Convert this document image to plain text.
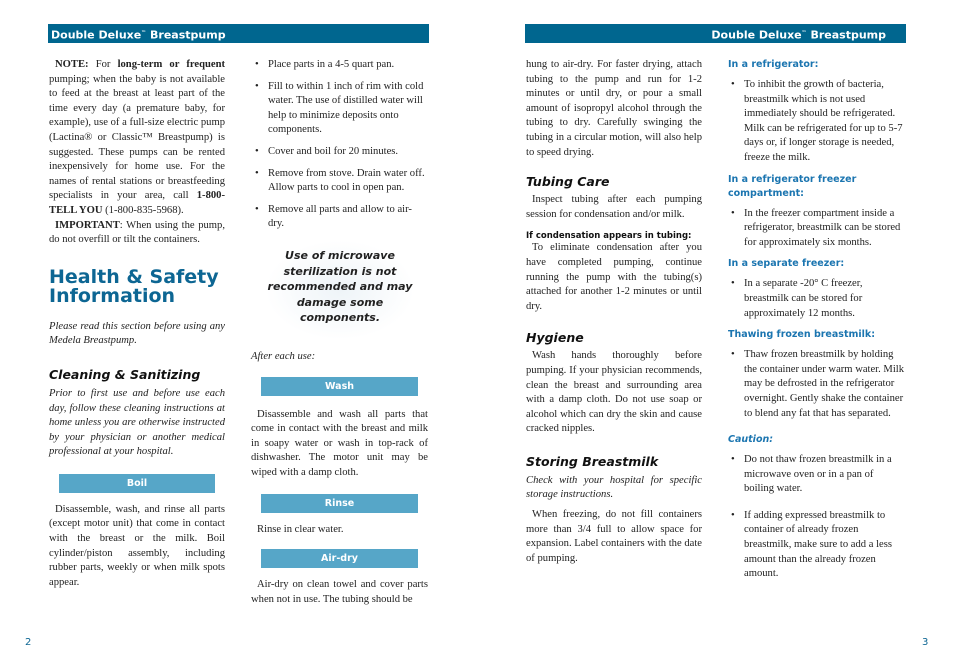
Double Deluxe™ Breastpump	Double Deluxe™ Breastpump

NOTE: For long-term or frequent pumping; when the baby is not available to feed at the breast at least part of the time every day (a premature baby, for example), use of a full-size electric pump (Lactina® or Classic™ Breastpump) is suggested. These pumps can be rented inexpensively for home use. For the names of rental stations or breastfeeding specialists in your area, call 1-800-TELL YOU (1-800-835-5968).

IMPORTANT: When using the pump, do not overfill or tilt the containers.

Health & Safety Information

Please read this section before using any Medela Breastpump.

Cleaning & Sanitizing

Prior to first use and before use each day, follow these cleaning instructions at home unless you are otherwise instructed by your physician or another medical professional at your hospital.

Boil

Disassemble, wash, and rinse all parts (except motor unit) that come in contact with the breast or the milk. Boil cylinder/piston assembly, including rubber parts, weekly or when milk spots appear.

• Place parts in a 4-5 quart pan.
• Fill to within 1 inch of rim with cold water. The use of distilled water will help to minimize deposits onto components.
• Cover and boil for 20 minutes.
• Remove from stove. Drain water off. Allow parts to cool in open pan.
• Remove all parts and allow to air-dry.
Use of microwave sterilization is not recommended and may damage some components.

After each use:

Wash

Disassemble and wash all parts that come in contact with the breast and milk in soapy water or wash in top-rack of dishwasher. The motor unit may be wiped with a damp cloth.

Rinse

Rinse in clear water.

Air-dry

Air-dry on clean towel and cover parts when not in use. The tubing should be

2

hung to air-dry. For faster drying, attach tubing to the pump and run for 1-2 minutes or until dry, or pour a small amount of isopropyl alcohol through the tubing to dry. Carefully swinging the tubing in a circular motion, will also help to speed drying.

Tubing Care

Inspect tubing after each pumping session for condensation and/or milk.

If condensation appears in tubing:

To eliminate condensation after you have completed pumping, continue running the pump with the tubing(s) attached for another 1-2 minutes or until dry.

Hygiene

Wash hands thoroughly before pumping. If your physician recommends, clean the breast and surrounding area with a damp cloth. Do not use soap or alcohol which can dry the skin and cause cracked nipples.

Storing Breastmilk

Check with your hospital for specific storage instructions.

When freezing, do not fill containers more than 3/4 full to allow space for expansion. Label containers with the date of pumping.

In a refrigerator:
• To inhibit the growth of bacteria, breastmilk which is not used immediately should be refrigerated. Milk can be refrigerated for up to 5-7 days or, if longer storage is needed, freeze the milk.
In a refrigerator freezer compartment:
• In the freezer compartment inside a refrigerator, breastmilk can be stored for approximately six months.
In a separate freezer:
• In a separate -20° C freezer, breastmilk can be stored for approximately 12 months.
Thawing frozen breastmilk:
• Thaw frozen breastmilk by holding the container under warm water. Milk may be defrosted in the refrigerator overnight. Gently shake the container to blend any fat that has separated.
Caution:
• Do not thaw frozen breastmilk in a microwave oven or in a pan of boiling water.
• If adding expressed breastmilk to container of already frozen breastmilk, make sure to add a less amount than the already frozen amount.
3
